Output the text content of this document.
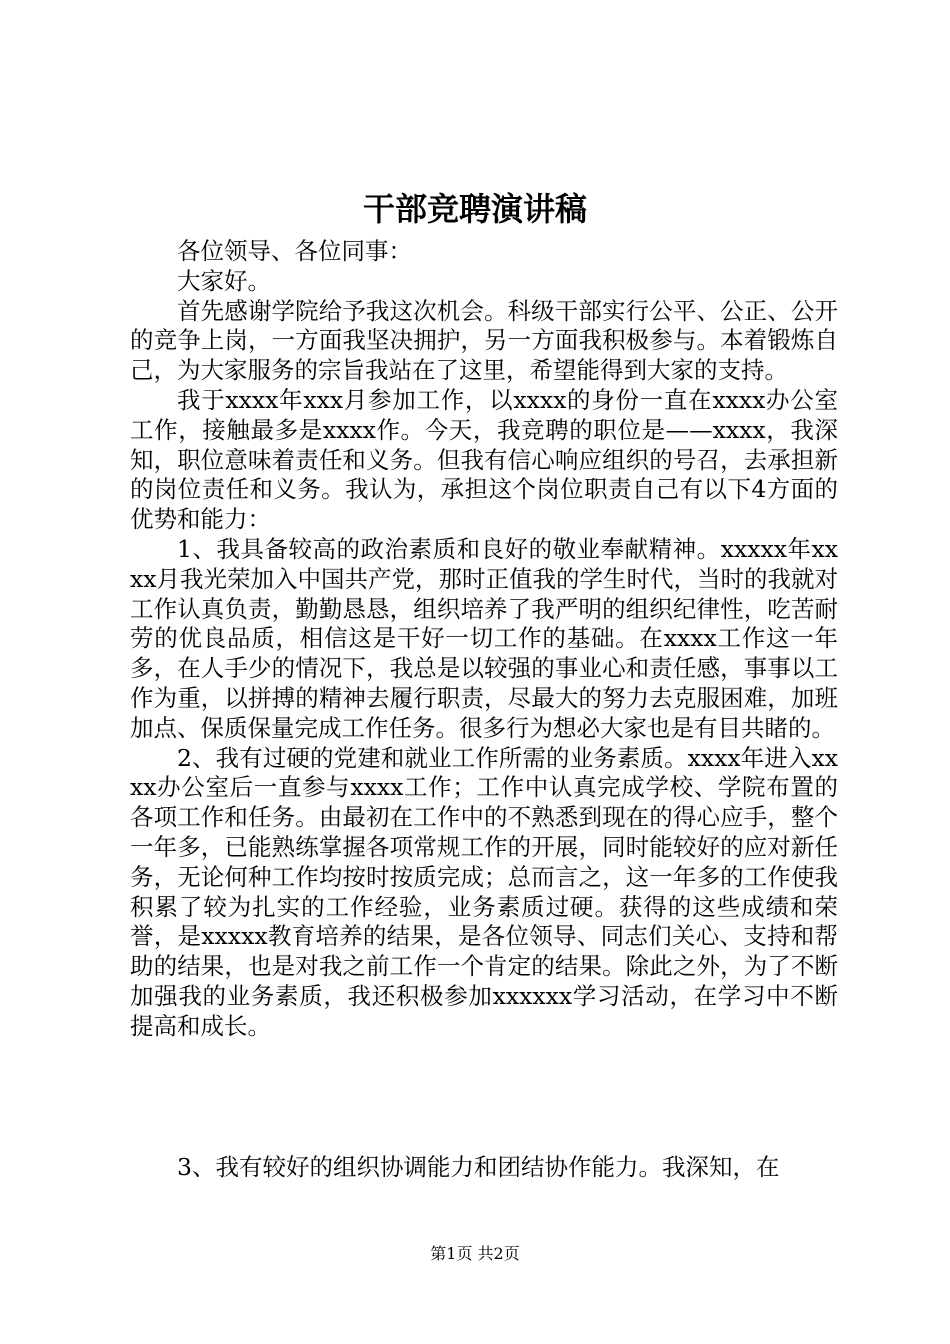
干部竞聘演讲稿

各位领导、各位同事：

大家好。

首先感谢学院给予我这次机会。科级干部实行公平、公正、公开的竞争上岗，一方面我坚决拥护，另一方面我积极参与。本着锻炼自己，为大家服务的宗旨我站在了这里，希望能得到大家的支持。

我于xxxx年xxx月参加工作，以xxxx的身份一直在xxxx办公室工作，接触最多是xxxx作。今天，我竞聘的职位是——xxxx，我深知，职位意味着责任和义务。但我有信心响应组织的号召，去承担新的岗位责任和义务。我认为，承担这个岗位职责自己有以下4方面的优势和能力：

1、我具备较高的政治素质和良好的敬业奉献精神。xxxxx年xxxx月我光荣加入中国共产党，那时正值我的学生时代，当时的我就对工作认真负责，勤勤恳恳，组织培养了我严明的组织纪律性，吃苦耐劳的优良品质，相信这是干好一切工作的基础。在xxxx工作这一年多，在人手少的情况下，我总是以较强的事业心和责任感，事事以工作为重，以拼搏的精神去履行职责，尽最大的努力去克服困难，加班加点、保质保量完成工作任务。很多行为想必大家也是有目共睹的。

2、我有过硬的党建和就业工作所需的业务素质。xxxx年进入xxxx办公室后一直参与xxxx工作；工作中认真完成学校、学院布置的各项工作和任务。由最初在工作中的不熟悉到现在的得心应手，整个一年多，已能熟练掌握各项常规工作的开展，同时能较好的应对新任务，无论何种工作均按时按质完成；总而言之，这一年多的工作使我积累了较为扎实的工作经验，业务素质过硬。获得的这些成绩和荣誉，是xxxxx教育培养的结果，是各位领导、同志们关心、支持和帮助的结果，也是对我之前工作一个肯定的结果。除此之外，为了不断加强我的业务素质，我还积极参加xxxxxx学习活动，在学习中不断提高和成长。

3、我有较好的组织协调能力和团结协作能力。我深知，在

第1页 共2页
